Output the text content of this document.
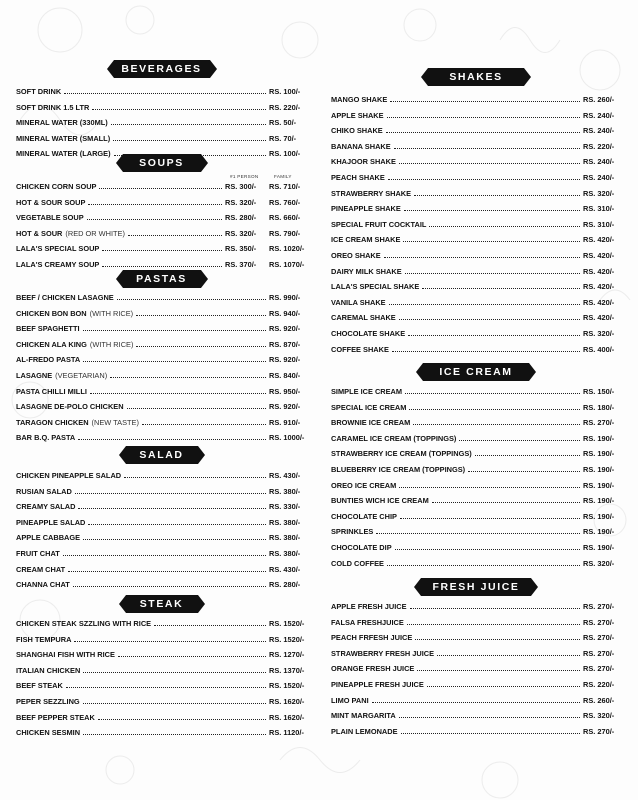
BEVERAGES
SOFT DRINK	RS. 100/-
SOFT DRINK 1.5 LTR	RS. 220/-
MINERAL WATER (330ML)	RS. 50/-
MINERAL WATER (SMALL)	RS. 70/-
MINERAL WATER (LARGE)	RS. 100/-
SOUPS
#1 PERSON	FAMILY
CHICKEN CORN SOUP	RS. 300/-	RS. 710/-
HOT & SOUR SOUP	RS. 320/-	RS. 760/-
VEGETABLE SOUP	RS. 280/-	RS. 660/-
HOT & SOUR (RED OR WHITE)	RS. 320/-	RS. 790/-
LALA'S SPECIAL SOUP	RS. 350/-	RS. 1020/-
LALA'S CREAMY SOUP	RS. 370/-	RS. 1070/-
PASTAS
BEEF / CHICKEN LASAGNE	RS. 990/-
CHICKEN BON BON (WITH RICE)	RS. 940/-
BEEF SPAGHETTI	RS. 920/-
CHICKEN ALA KING (WITH RICE)	RS. 870/-
AL-FREDO PASTA	RS. 920/-
LASAGNE (VEGETARIAN)	RS. 840/-
PASTA CHILLI MILLI	RS. 950/-
LASAGNE DE-POLO CHICKEN	RS. 920/-
TARAGON CHICKEN (NEW TASTE)	RS. 910/-
BAR B.Q. PASTA	RS. 1000/-
SALAD
CHICKEN PINEAPPLE SALAD	RS. 430/-
RUSIAN SALAD	RS. 380/-
CREAMY SALAD	RS. 330/-
PINEAPPLE SALAD	RS. 380/-
APPLE CABBAGE	RS. 380/-
FRUIT CHAT	RS. 380/-
CREAM CHAT	RS. 430/-
CHANNA CHAT	RS. 280/-
STEAK
CHICKEN STEAK SZZLING WITH RICE	RS. 1520/-
FISH TEMPURA	RS. 1520/-
SHANGHAI FISH WITH RICE	RS. 1270/-
ITALIAN CHICKEN	RS. 1370/-
BEEF STEAK	RS. 1520/-
PEPER SEZZLING	RS. 1620/-
BEEF PEPPER STEAK	RS. 1620/-
CHICKEN SESMIN	RS. 1120/-
SHAKES
MANGO SHAKE	RS. 260/-
APPLE SHAKE	RS. 240/-
CHIKO SHAKE	RS. 240/-
BANANA SHAKE	RS. 220/-
KHAJOOR SHAKE	RS. 240/-
PEACH SHAKE	RS. 240/-
STRAWBERRY SHAKE	RS. 320/-
PINEAPPLE SHAKE	RS. 310/-
SPECIAL FRUIT COCKTAIL	RS. 310/-
ICE CREAM SHAKE	RS. 420/-
OREO SHAKE	RS. 420/-
DAIRY MILK SHAKE	RS. 420/-
LALA'S SPECIAL SHAKE	RS. 420/-
VANILA SHAKE	RS. 420/-
CAREMAL SHAKE	RS. 420/-
CHOCOLATE SHAKE	RS. 320/-
COFFEE SHAKE	RS. 400/-
ICE CREAM
SIMPLE ICE CREAM	RS. 150/-
SPECIAL ICE CREAM	RS. 180/-
BROWNIE ICE CREAM	RS. 270/-
CARAMEL ICE CREAM (TOPPINGS)	RS. 190/-
STRAWBERRY ICE CREAM (TOPPINGS)	RS. 190/-
BLUEBERRY ICE CREAM (TOPPINGS)	RS. 190/-
OREO ICE CREAM	RS. 190/-
BUNTIES WICH ICE CREAM	RS. 190/-
CHOCOLATE CHIP	RS. 190/-
SPRINKLES	RS. 190/-
CHOCOLATE DIP	RS. 190/-
COLD COFFEE	RS. 320/-
FRESH JUICE
APPLE FRESH JUICE	RS. 270/-
FALSA FRESHJUICE	RS. 270/-
PEACH FRFESH JUICE	RS. 270/-
STRAWBERRY FRESH JUICE	RS. 270/-
ORANGE FRESH JUICE	RS. 270/-
PINEAPPLE FRESH JUICE	RS. 220/-
LIMO PANI	RS. 260/-
MINT MARGARITA	RS. 320/-
PLAIN LEMONADE	RS. 270/-
